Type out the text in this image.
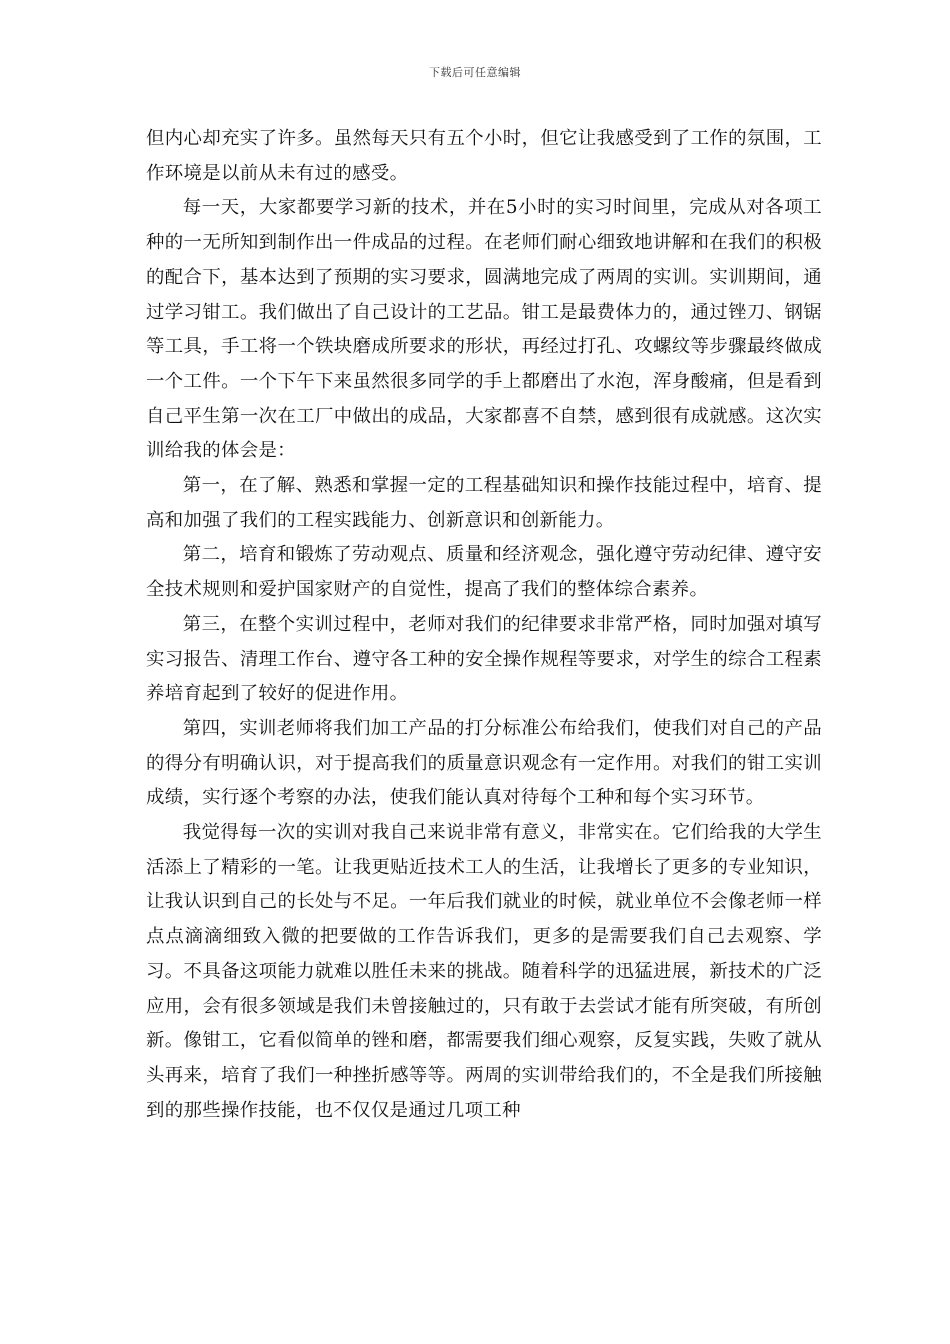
下载后可任意编辑

但内心却充实了许多。虽然每天只有五个小时，但它让我感受到了工作的氛围，工作环境是以前从未有过的感受。

每一天，大家都要学习新的技术，并在5小时的实习时间里，完成从对各项工种的一无所知到制作出一件成品的过程。在老师们耐心细致地讲解和在我们的积极的配合下，基本达到了预期的实习要求，圆满地完成了两周的实训。实训期间，通过学习钳工。我们做出了自己设计的工艺品。钳工是最费体力的，通过锉刀、钢锯等工具，手工将一个铁块磨成所要求的形状，再经过打孔、攻螺纹等步骤最终做成一个工件。一个下午下来虽然很多同学的手上都磨出了水泡，浑身酸痛，但是看到自己平生第一次在工厂中做出的成品，大家都喜不自禁，感到很有成就感。这次实训给我的体会是：

第一，在了解、熟悉和掌握一定的工程基础知识和操作技能过程中，培育、提高和加强了我们的工程实践能力、创新意识和创新能力。

第二，培育和锻炼了劳动观点、质量和经济观念，强化遵守劳动纪律、遵守安全技术规则和爱护国家财产的自觉性，提高了我们的整体综合素养。

第三，在整个实训过程中，老师对我们的纪律要求非常严格，同时加强对填写实习报告、清理工作台、遵守各工种的安全操作规程等要求，对学生的综合工程素养培育起到了较好的促进作用。

第四，实训老师将我们加工产品的打分标准公布给我们，使我们对自己的产品的得分有明确认识，对于提高我们的质量意识观念有一定作用。对我们的钳工实训成绩，实行逐个考察的办法，使我们能认真对待每个工种和每个实习环节。

我觉得每一次的实训对我自己来说非常有意义，非常实在。它们给我的大学生活添上了精彩的一笔。让我更贴近技术工人的生活，让我增长了更多的专业知识，让我认识到自己的长处与不足。一年后我们就业的时候，就业单位不会像老师一样点点滴滴细致入微的把要做的工作告诉我们，更多的是需要我们自己去观察、学习。不具备这项能力就难以胜任未来的挑战。随着科学的迅猛进展，新技术的广泛应用，会有很多领域是我们未曾接触过的，只有敢于去尝试才能有所突破，有所创新。像钳工，它看似简单的锉和磨，都需要我们细心观察，反复实践，失败了就从头再来，培育了我们一种挫折感等等。两周的实训带给我们的，不全是我们所接触到的那些操作技能，也不仅仅是通过几项工种
